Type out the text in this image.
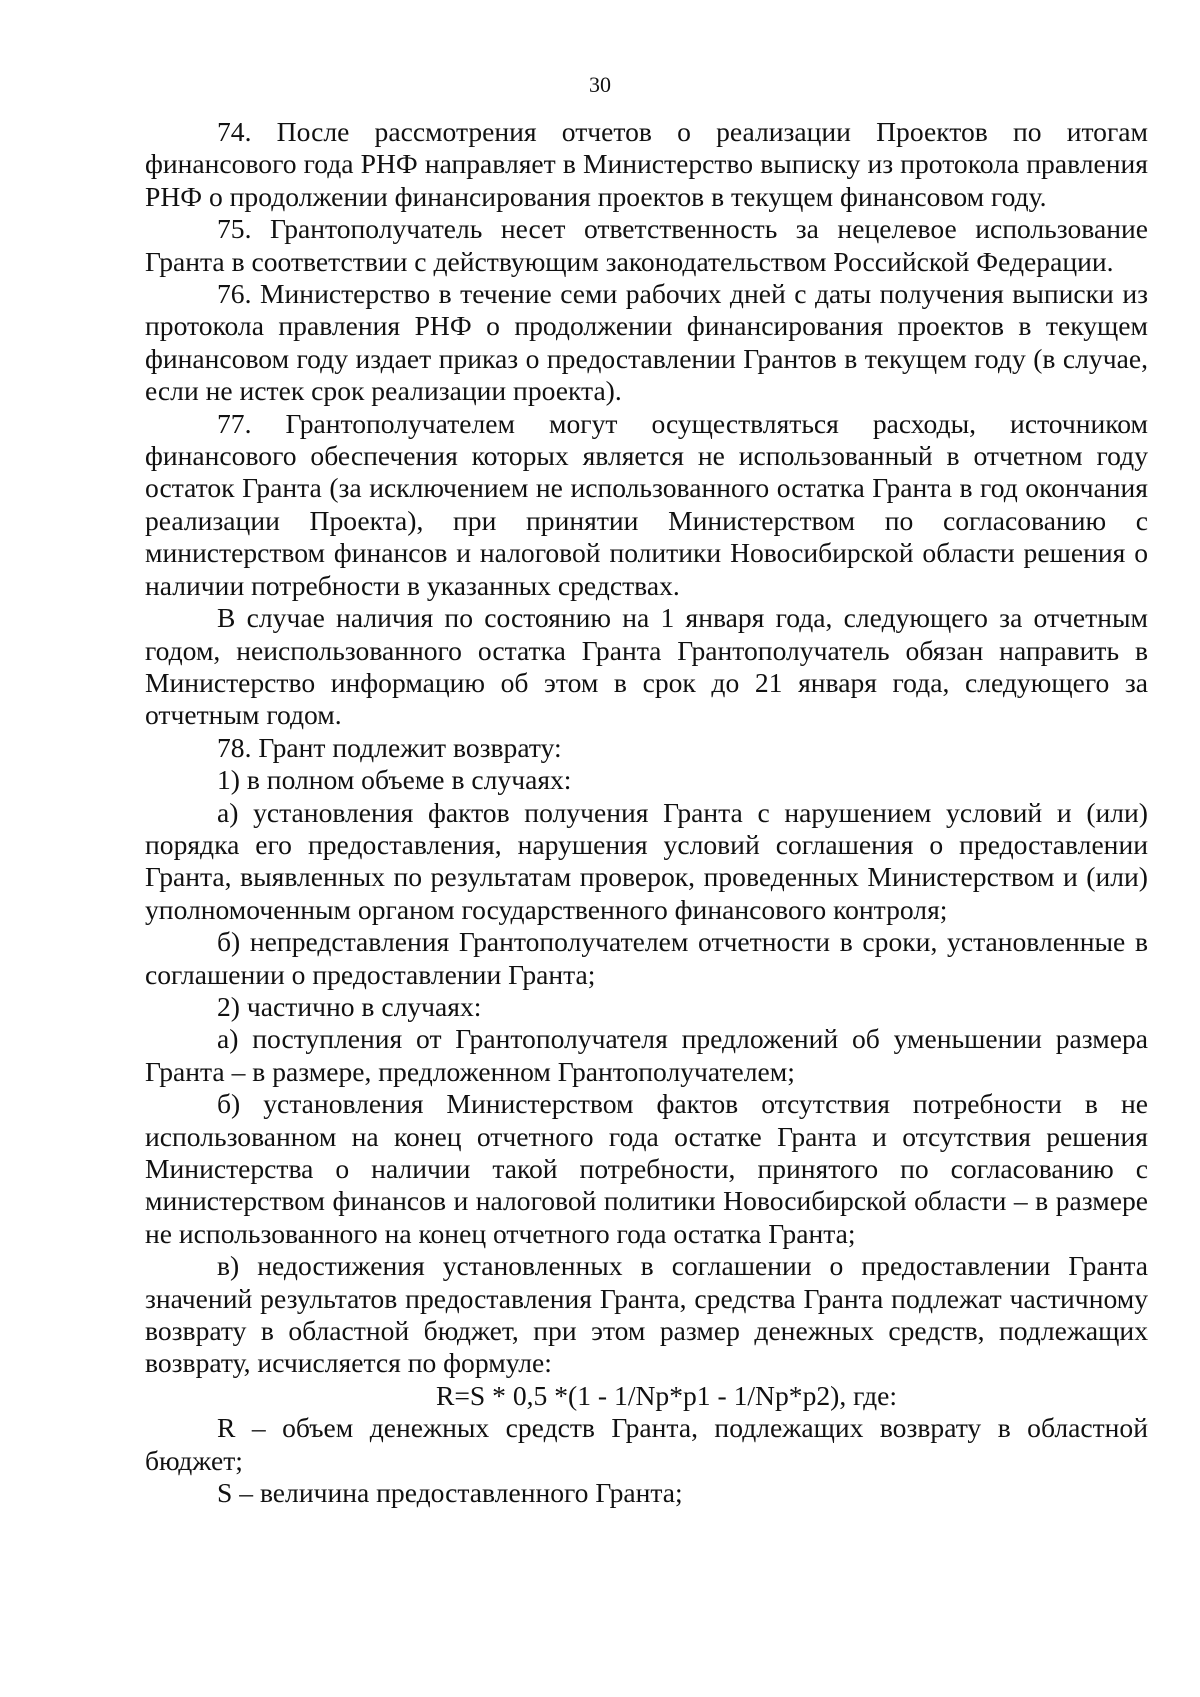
30

74. После рассмотрения отчетов о реализации Проектов по итогам финансового года РНФ направляет в Министерство выписку из протокола правления РНФ о продолжении финансирования проектов в текущем финансовом году.

75. Грантополучатель несет ответственность за нецелевое использование Гранта в соответствии с действующим законодательством Российской Федерации.

76. Министерство в течение семи рабочих дней с даты получения выписки из протокола правления РНФ о продолжении финансирования проектов в текущем финансовом году издает приказ о предоставлении Грантов в текущем году (в случае, если не истек срок реализации проекта).

77. Грантополучателем могут осуществляться расходы, источником финансового обеспечения которых является не использованный в отчетном году остаток Гранта (за исключением не использованного остатка Гранта в год окончания реализации Проекта), при принятии Министерством по согласованию с министерством финансов и налоговой политики Новосибирской области решения о наличии потребности в указанных средствах.

В случае наличия по состоянию на 1 января года, следующего за отчетным годом, неиспользованного остатка Гранта Грантополучатель обязан направить в Министерство информацию об этом в срок до 21 января года, следующего за отчетным годом.

78. Грант подлежит возврату:

1) в полном объеме в случаях:

а) установления фактов получения Гранта с нарушением условий и (или) порядка его предоставления, нарушения условий соглашения о предоставлении Гранта, выявленных по результатам проверок, проведенных Министерством и (или) уполномоченным органом государственного финансового контроля;

б) непредставления Грантополучателем отчетности в сроки, установленные в соглашении о предоставлении Гранта;

2) частично в случаях:

а) поступления от Грантополучателя предложений об уменьшении размера Гранта – в размере, предложенном Грантополучателем;

б) установления Министерством фактов отсутствия потребности в не использованном на конец отчетного года остатке Гранта и отсутствия решения Министерства о наличии такой потребности, принятого по согласованию с министерством финансов и налоговой политики Новосибирской области – в размере не использованного на конец отчетного года остатка Гранта;

в) недостижения установленных в соглашении о предоставлении Гранта значений результатов предоставления Гранта, средства Гранта подлежат частичному возврату в областной бюджет, при этом размер денежных средств, подлежащих возврату, исчисляется по формуле:

R=S * 0,5 *(1 - 1/Np*p1 - 1/Np*p2), где:

R – объем денежных средств Гранта, подлежащих возврату в областной бюджет;

S – величина предоставленного Гранта;
